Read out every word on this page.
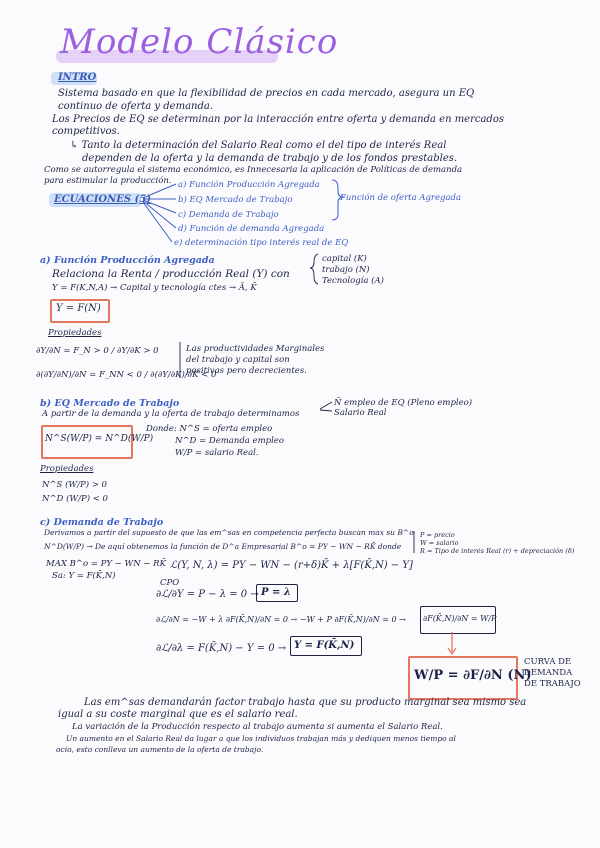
Modelo Clásico
INTRO
Sistema basado en que la flexibilidad de precios en cada mercado, asegura un EQ
continuo de oferta y demanda.
Los Precios de EQ se determinan por la interacción entre oferta y demanda en mercados
competitivos.
↳ Tanto la determinación del Salario Real como el del tipo de interés Real
dependen de la oferta y la demanda de trabajo y de los fondos prestables.
Como se autorregula el sistema económico, es Innecesaria la aplicación de Políticas de demanda
para estimular la producción.
ECUACIONES (5)
a) Función Producción Agregada
b) EQ Mercado de Trabajo
c) Demanda de Trabajo
d) Función de demanda Agregada
e) determinación tipo interés real de EQ
Función de oferta Agregada
a) Función Producción Agregada
Relaciona la Renta / producción Real (Y) con
capital (K)
trabajo (N)
Tecnología (A)
Y = F(K,N,A) → Capital y tecnología ctes → Ā, K̄
Y = F(N)
Propiedades
∂Y/∂N = F_N > 0 / ∂Y/∂K > 0
∂(∂Y/∂N)/∂N = F_NN < 0 / ∂(∂Y/∂K)/∂K < 0
Las productividades Marginales
del trabajo y capital son
positivas pero decrecientes.
b) EQ Mercado de Trabajo
A partir de la demanda y la oferta de trabajo determinamos
Ñ empleo de EQ (Pleno empleo)
Salario Real
N^S(W/P) = N^D(W/P)
Donde: N^S = oferta empleo
N^D = Demanda empleo
W/P = salario Real.
Propiedades
N^S (W/P) > 0
N^D (W/P) < 0
c) Demanda de Trabajo
Derivamos a partir del supuesto de que las em^sas en competencia perfecta buscan max su B^o
N^D(W/P) → De aquí obtenemos la función de D^a Empresarial B^o = PY − WN − RK̄ donde
P = precio
W = salario
R = Tipo de interés Real (r) + depreciación (δ)
MAX B^o = PY − WN − RK̄
Sa: Y = F(K̄,N)
ℒ(Y, N, λ) = PY − WN − (r+δ)K̄ + λ[F(K̄,N) − Y]
CPO
∂ℒ/∂Y = P − λ = 0 → P = λ
∂ℒ/∂N = −W + λ ∂F(K̄,N)/∂N = 0 → −W + P ∂F(K̄,N)/∂N = 0 → ∂F(K̄,N)/∂N = W/P
∂ℒ/∂λ = F(K̄,N) − Y = 0 → Y = F(K̄,N)
W/P = ∂F/∂N (N)
CURVA DE
DEMANDA
DE TRABAJO
Las em^sas demandarán factor trabajo hasta que su producto marginal sea mismo sea
igual a su coste marginal que es el salario real.
La variación de la Producción respecto al trabajo aumenta si aumenta el Salario Real.
Un aumento en el Salario Real da lugar a que los individuos trabajan más y dediquen menos tiempo al
ocio, esto conlleva un aumento de la oferta de trabajo.
